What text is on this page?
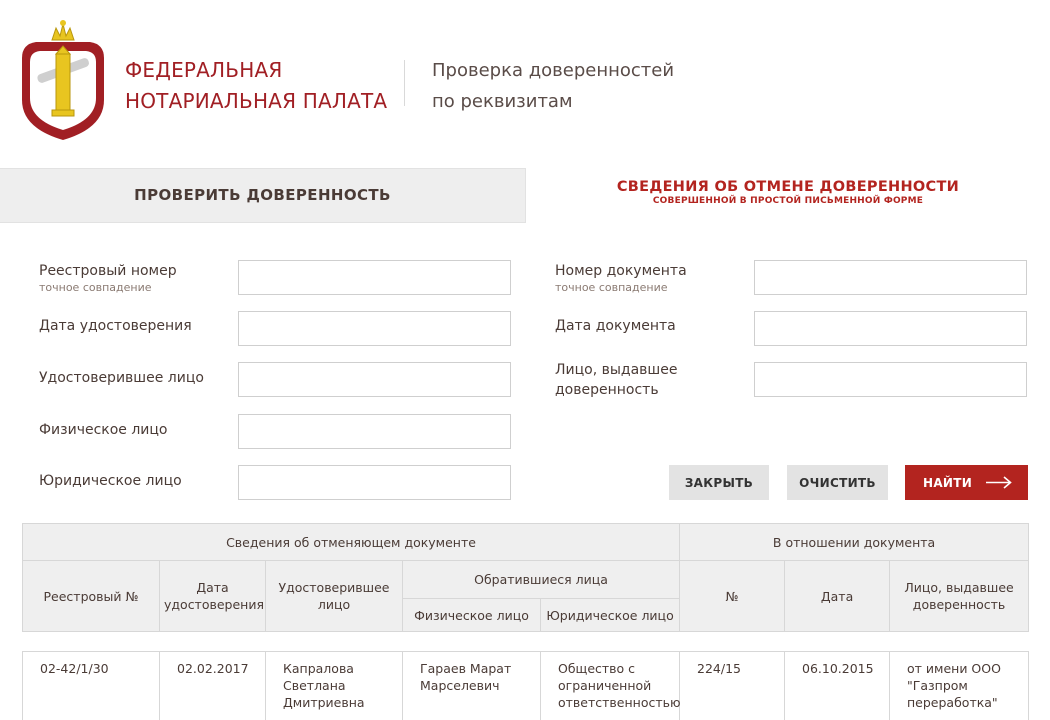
ФЕДЕРАЛЬНАЯ
НОТАРИАЛЬНАЯ ПАЛАТА
Проверка доверенностей
по реквизитам
ПРОВЕРИТЬ ДОВЕРЕННОСТЬ	СВЕДЕНИЯ ОБ ОТМЕНЕ ДОВЕРЕННОСТИ
СОВЕРШЕННОЙ В ПРОСТОЙ ПИСЬМЕННОЙ ФОРМЕ
Реестровый номер
точное совпадение
Дата удостоверения
Удостоверившее лицо
Физическое лицо
Юридическое лицо
Номер документа
точное совпадение
Дата документа
Лицо, выдавшее
доверенность
ЗАКРЫТЬ	ОЧИСТИТЬ	НАЙТИ
Сведения об отменяющем документе					В отношении документа		
Реестровый №	Дата удостоверения	Удостоверившее лицо	Обратившиеся лица		№	Дата	Лицо, выдавшее доверенность
			Физическое лицо	Юридическое лицо			
02-42/1/30	02.02.2017	Капралова Светлана Дмитриевна	Гараев Марат Марселевич	Общество с ограниченной ответственностью	224/15	06.10.2015	от имени ООО "Газпром переработка"
